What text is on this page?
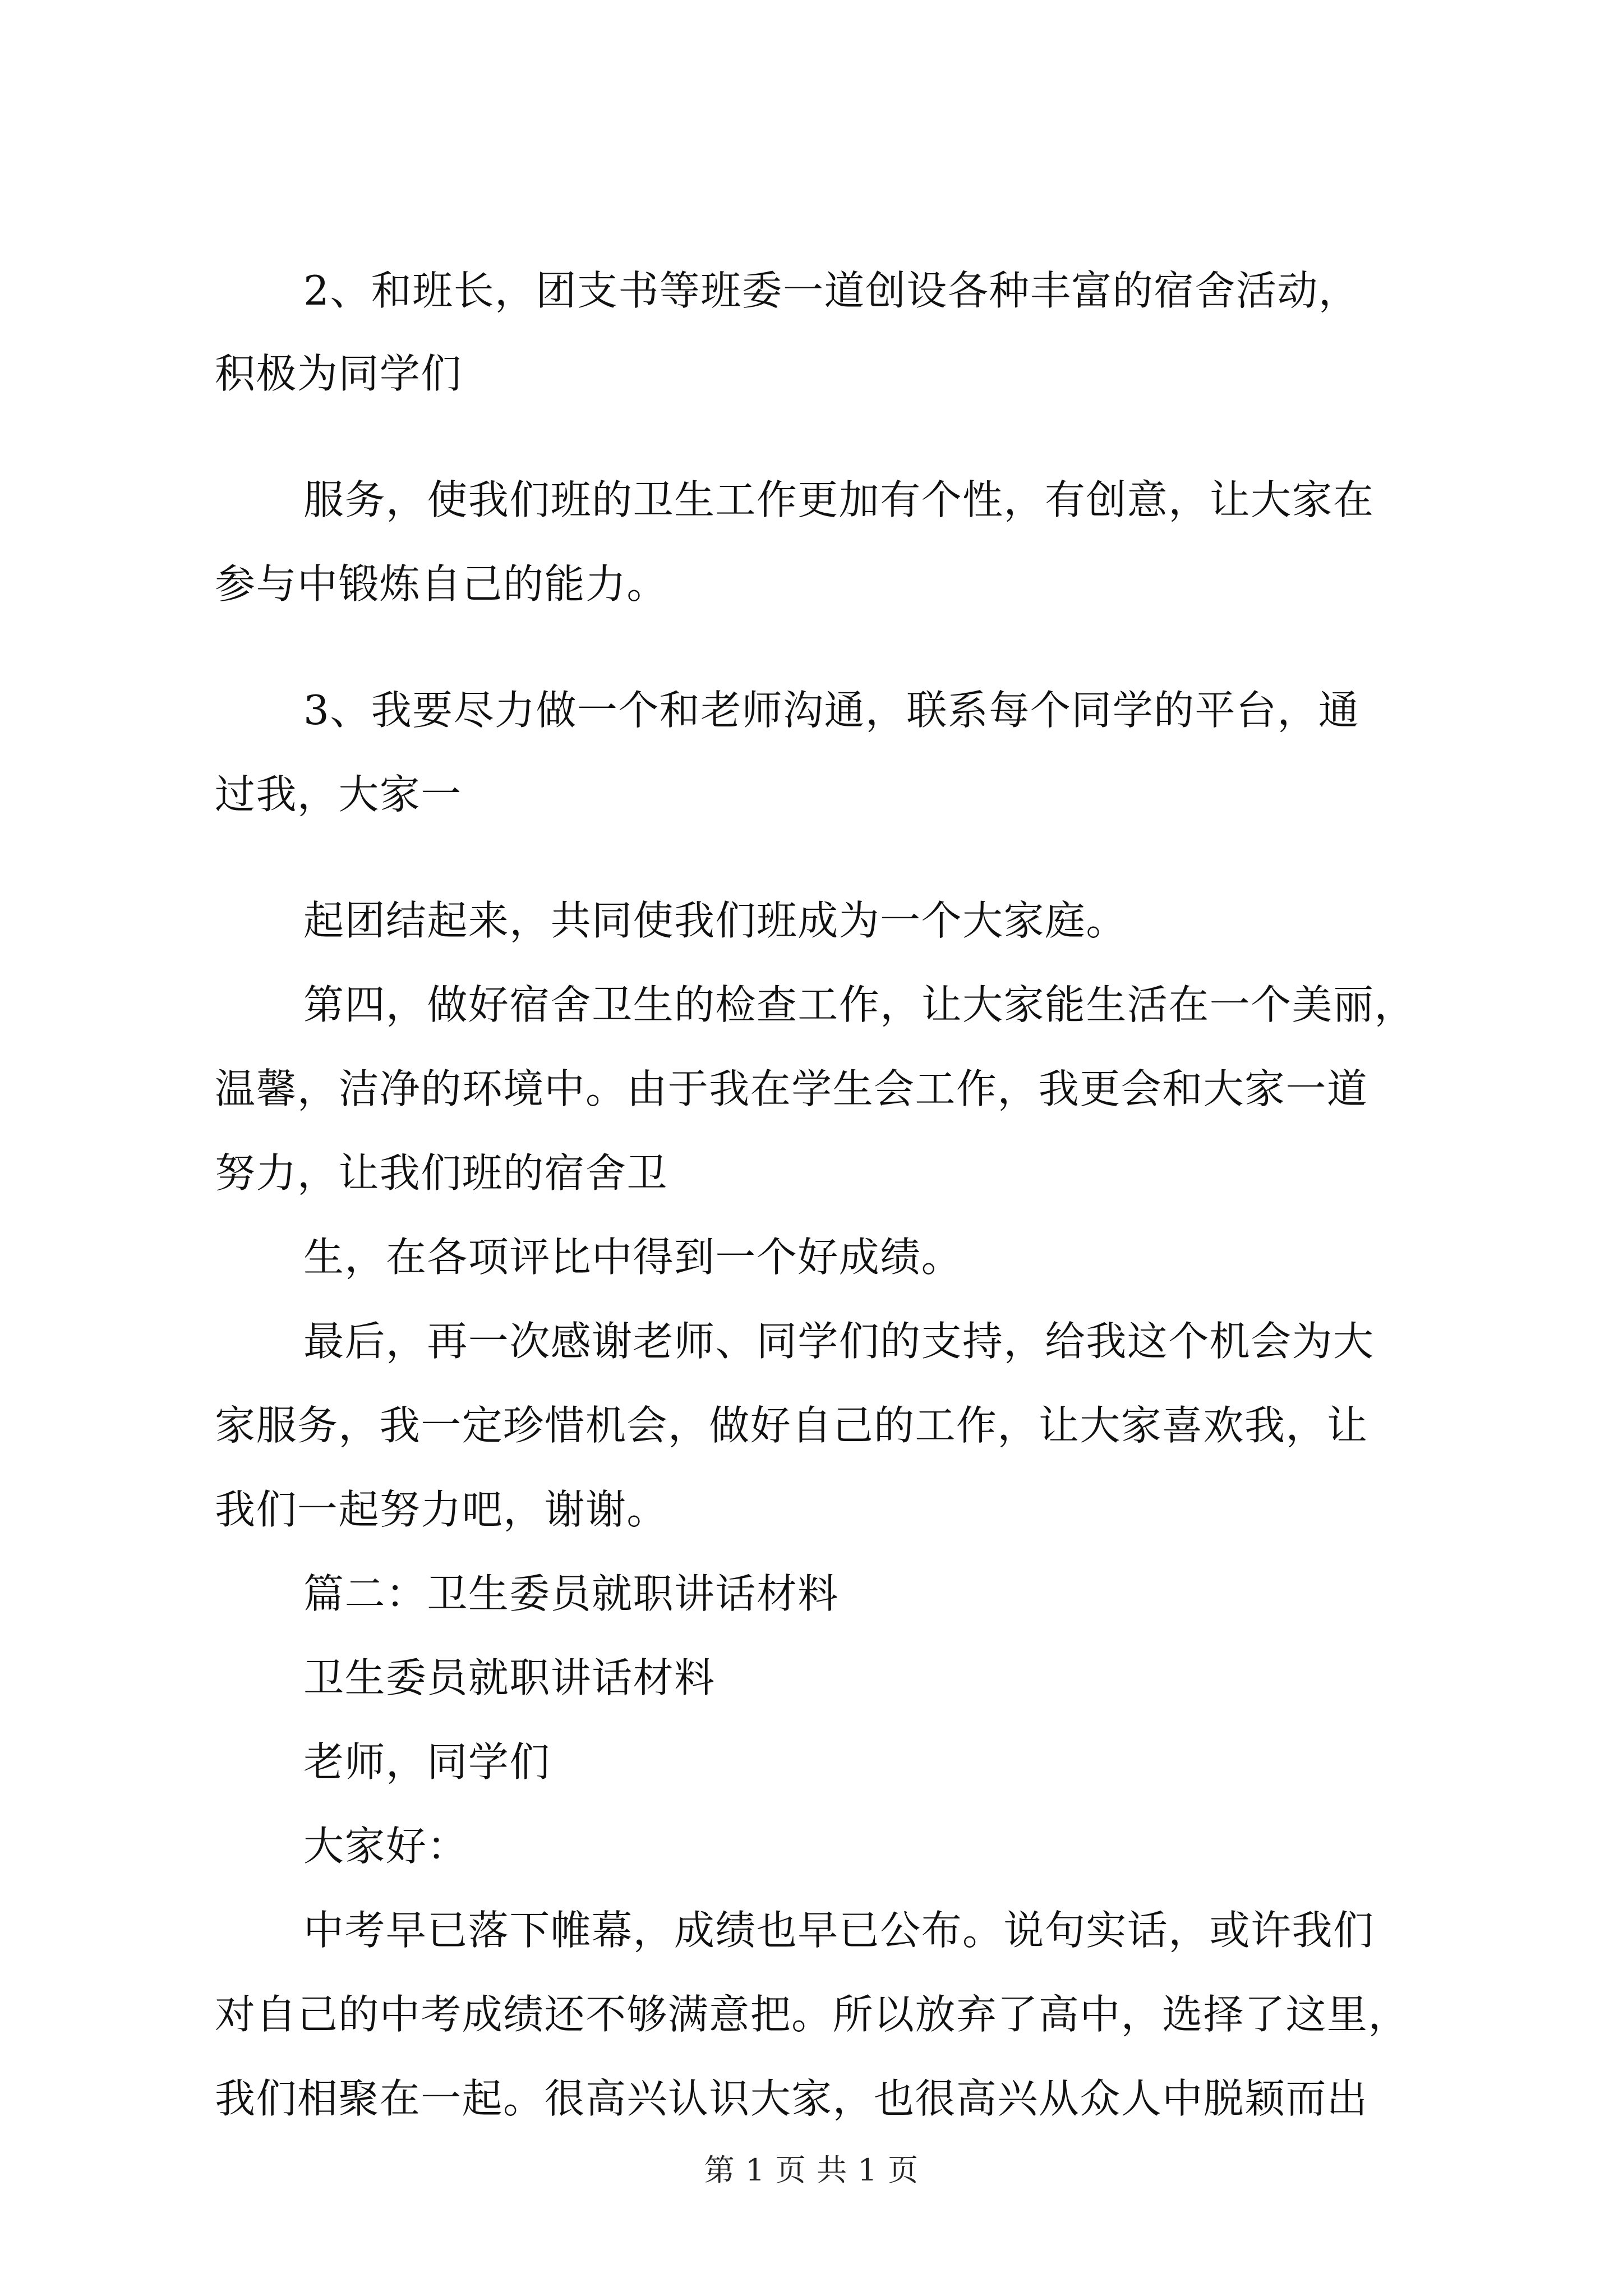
2、和班长，团支书等班委一道创设各种丰富的宿舍活动，
积极为同学们
服务，使我们班的卫生工作更加有个性，有创意，让大家在
参与中锻炼自己的能力。
3、我要尽力做一个和老师沟通，联系每个同学的平台，通
过我，大家一
起团结起来，共同使我们班成为一个大家庭。
第四，做好宿舍卫生的检查工作，让大家能生活在一个美丽，
温馨，洁净的环境中。由于我在学生会工作，我更会和大家一道
努力，让我们班的宿舍卫
生，在各项评比中得到一个好成绩。
最后，再一次感谢老师、同学们的支持，给我这个机会为大
家服务，我一定珍惜机会，做好自己的工作，让大家喜欢我，让
我们一起努力吧，谢谢。
篇二：卫生委员就职讲话材料
卫生委员就职讲话材料
老师，同学们
大家好：
中考早已落下帷幕，成绩也早已公布。说句实话，或许我们
对自己的中考成绩还不够满意把。所以放弃了高中，选择了这里，
我们相聚在一起。很高兴认识大家，也很高兴从众人中脱颖而出
第 1 页 共 1 页
